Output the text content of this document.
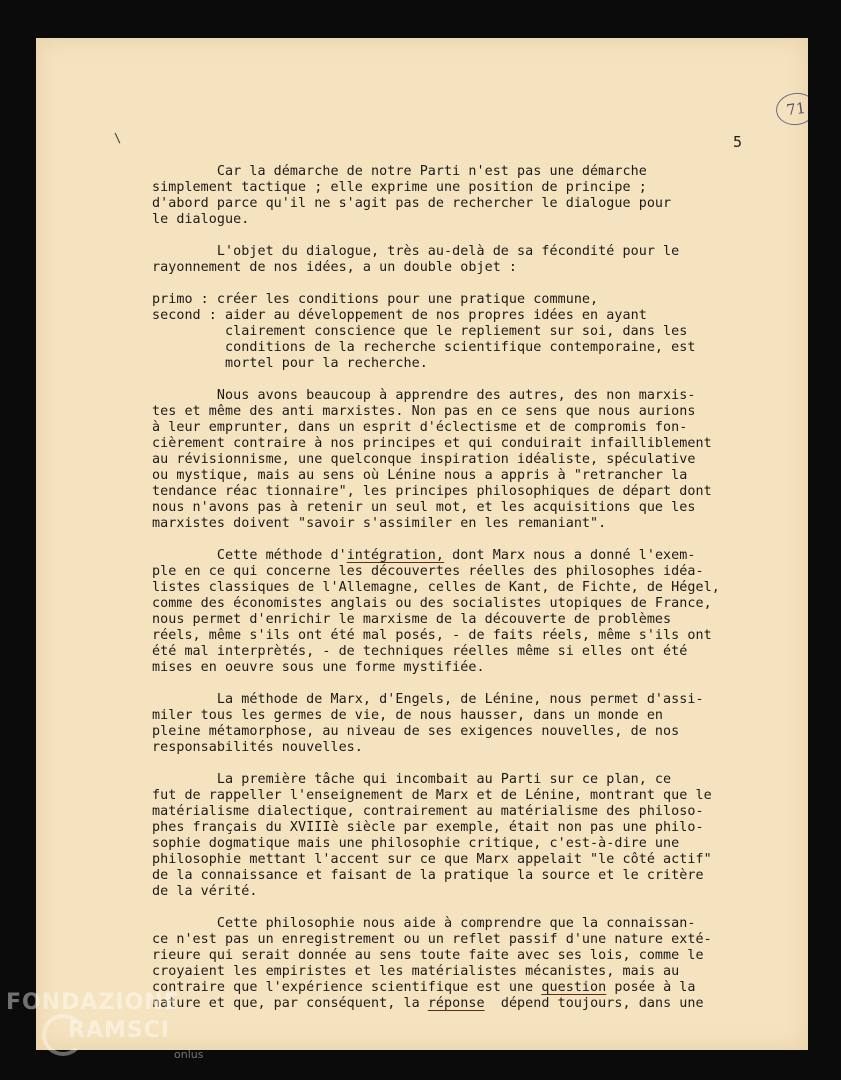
\
71
5
Car la démarche de notre Parti n'est pas une démarche
simplement tactique ; elle exprime une position de principe ;
d'abord parce qu'il ne s'agit pas de rechercher le dialogue pour
le dialogue.
L'objet du dialogue, très au-delà de sa fécondité pour le
rayonnement de nos idées, a un double objet :
primo : créer les conditions pour une pratique commune,
second : aider au développement de nos propres idées en ayant
clairement conscience que le repliement sur soi, dans les
conditions de la recherche scientifique contemporaine, est
mortel pour la recherche.
Nous avons beaucoup à apprendre des autres, des non marxis-
tes et même des anti marxistes. Non pas en ce sens que nous aurions
à leur emprunter, dans un esprit d'éclectisme et de compromis fon-
cièrement contraire à nos principes et qui conduirait infailliblement
au révisionnisme, une quelconque inspiration idéaliste, spéculative
ou mystique, mais au sens où Lénine nous a appris à "retrancher la
tendance réac tionnaire", les principes philosophiques de départ dont
nous n'avons pas à retenir un seul mot, et les acquisitions que les
marxistes doivent "savoir s'assimiler en les remaniant".
Cette méthode d'intégration, dont Marx nous a donné l'exem-
ple en ce qui concerne les découvertes réelles des philosophes idéa-
listes classiques de l'Allemagne, celles de Kant, de Fichte, de Hégel,
comme des économistes anglais ou des socialistes utopiques de France,
nous permet d'enrichir le marxisme de la découverte de problèmes
réels, même s'ils ont été mal posés, - de faits réels, même s'ils ont
été mal interprètés, - de techniques réelles même si elles ont été
mises en oeuvre sous une forme mystifiée.
La méthode de Marx, d'Engels, de Lénine, nous permet d'assi-
miler tous les germes de vie, de nous hausser, dans un monde en
pleine métamorphose, au niveau de ses exigences nouvelles, de nos
responsabilités nouvelles.
La première tâche qui incombait au Parti sur ce plan, ce
fut de rappeller l'enseignement de Marx et de Lénine, montrant que le
matérialisme dialectique, contrairement au matérialisme des philoso-
phes français du XVIIIè siècle par exemple, était non pas une philo-
sophie dogmatique mais une philosophie critique, c'est-à-dire une
philosophie mettant l'accent sur ce que Marx appelait "le côté actif"
de la connaissance et faisant de la pratique la source et le critère
de la vérité.
Cette philosophie nous aide à comprendre que la connaissan-
ce n'est pas un enregistrement ou un reflet passif d'une nature exté-
rieure qui serait donnée au sens toute faite avec ses lois, comme le
croyaient les empiristes et les matérialistes mécanistes, mais au
contraire que l'expérience scientifique est une question posée à la
nature et que, par conséquent, la réponse  dépend toujours, dans une
FONDAZIONE
RAMSCI
onlus
